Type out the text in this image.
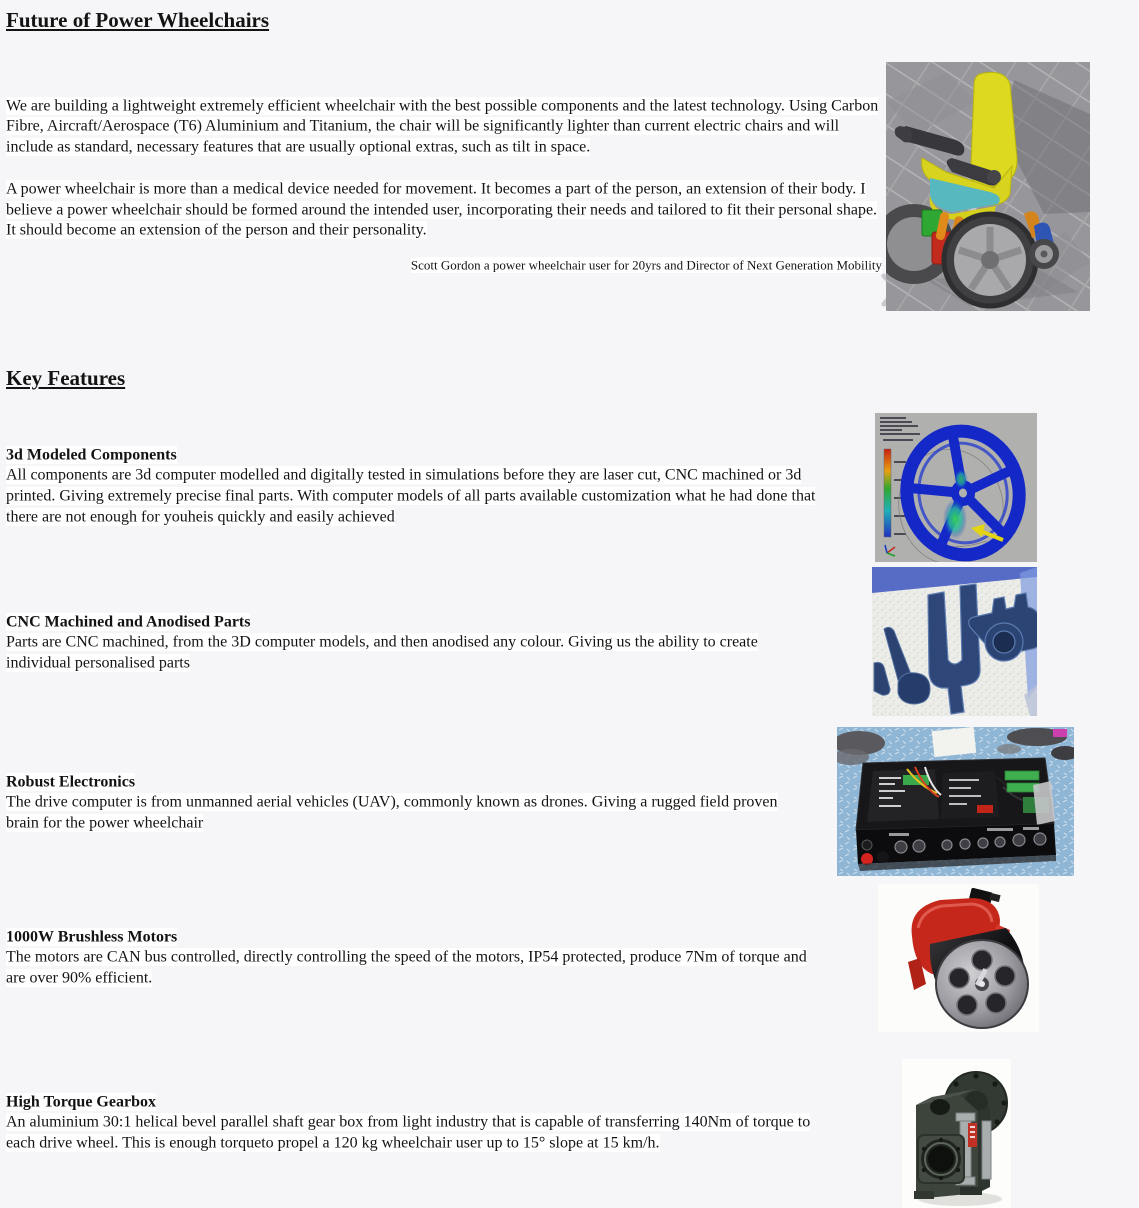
Future of Power Wheelchairs

We are building a lightweight extremely efficient wheelchair with the best possible components and the latest technology. Using Carbon Fibre, Aircraft/Aerospace (T6) Aluminium and Titanium, the chair will be significantly lighter than current electric chairs and will include as standard, necessary features that are usually optional extras, such as tilt in space.

A power wheelchair is more than a medical device needed for movement. It becomes a part of the person, an extension of their body. I believe a power wheelchair should be formed around the intended user, incorporating their needs and tailored to fit their personal shape. It should become an extension of the person and their personality.

Scott Gordon a power wheelchair user for 20yrs and Director of Next Generation Mobility

Key Features
3d Modeled Components
All components are 3d computer modelled and digitally tested in simulations before they are laser cut, CNC machined or 3d printed. Giving extremely precise final parts. With computer models of all parts available customization what he had done that there are not enough for youheis quickly and easily achieved
CNC Machined and Anodised Parts
Parts are CNC machined, from the 3D computer models, and then anodised any colour. Giving us the ability to create individual personalised parts
Robust Electronics
The drive computer is from unmanned aerial vehicles (UAV), commonly known as drones. Giving a rugged field proven brain for the power wheelchair
1000W Brushless Motors
The motors are CAN bus controlled, directly controlling the speed of the motors, IP54 protected, produce 7Nm of torque and are over 90% efficient.
High Torque Gearbox
An aluminium 30:1 helical bevel parallel shaft gear box from light industry that is capable of transferring 140Nm of torque to each drive wheel. This is enough torqueto propel a 120 kg wheelchair user up to 15° slope at 15 km/h.
